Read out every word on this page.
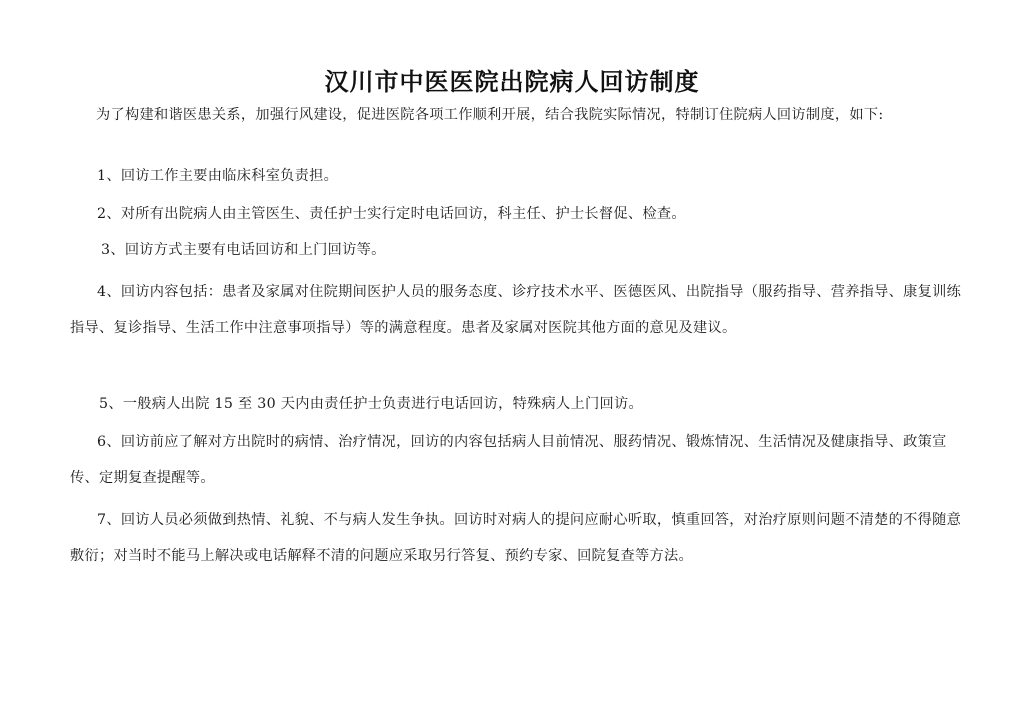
汉川市中医医院出院病人回访制度
为了构建和谐医患关系，加强行风建设，促进医院各项工作顺利开展，结合我院实际情况，特制订住院病人回访制度，如下:
1、回访工作主要由临床科室负责担。
2、对所有出院病人由主管医生、责任护士实行定时电话回访，科主任、护士长督促、检查。
3、回访方式主要有电话回访和上门回访等。
4、回访内容包括：患者及家属对住院期间医护人员的服务态度、诊疗技术水平、医德医风、出院指导（服药指导、营养指导、康复训练指导、复诊指导、生活工作中注意事项指导）等的满意程度。患者及家属对医院其他方面的意见及建议。
5、一般病人出院 15 至 30 天内由责任护士负责进行电话回访，特殊病人上门回访。
6、回访前应了解对方出院时的病情、治疗情况，回访的内容包括病人目前情况、服药情况、锻炼情况、生活情况及健康指导、政策宣传、定期复查提醒等。
7、回访人员必须做到热情、礼貌、不与病人发生争执。回访时对病人的提问应耐心听取，慎重回答，对治疗原则问题不清楚的不得随意敷衍；对当时不能马上解决或电话解释不清的问题应采取另行答复、预约专家、回院复查等方法。
